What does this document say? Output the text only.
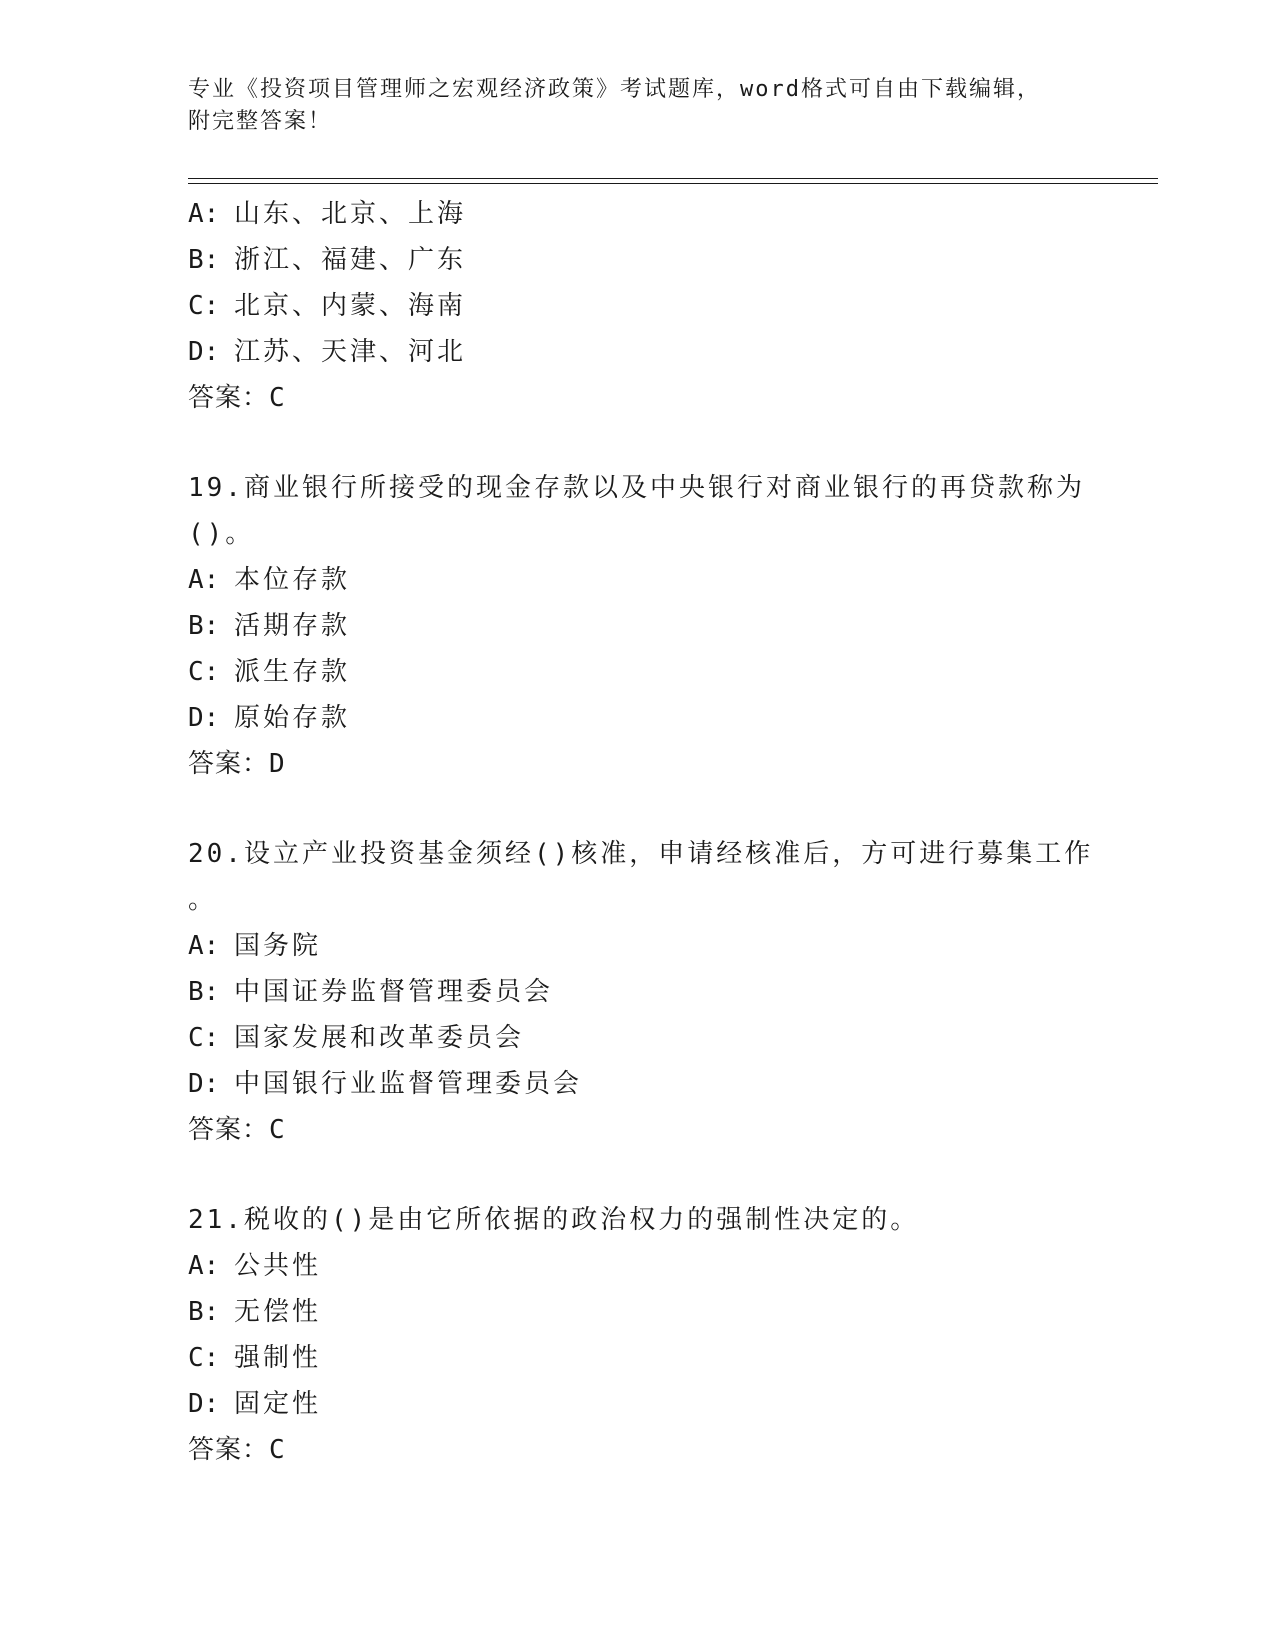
专业《投资项目管理师之宏观经济政策》考试题库，word格式可自由下载编辑，
附完整答案！
A: 山东、北京、上海
B: 浙江、福建、广东
C: 北京、内蒙、海南
D: 江苏、天津、河北
答案：C
19.商业银行所接受的现金存款以及中央银行对商业银行的再贷款称为
()。
A: 本位存款
B: 活期存款
C: 派生存款
D: 原始存款
答案：D
20.设立产业投资基金须经()核准，申请经核准后，方可进行募集工作
。
A: 国务院
B: 中国证券监督管理委员会
C: 国家发展和改革委员会
D: 中国银行业监督管理委员会
答案：C
21.税收的()是由它所依据的政治权力的强制性决定的。
A: 公共性
B: 无偿性
C: 强制性
D: 固定性
答案：C
